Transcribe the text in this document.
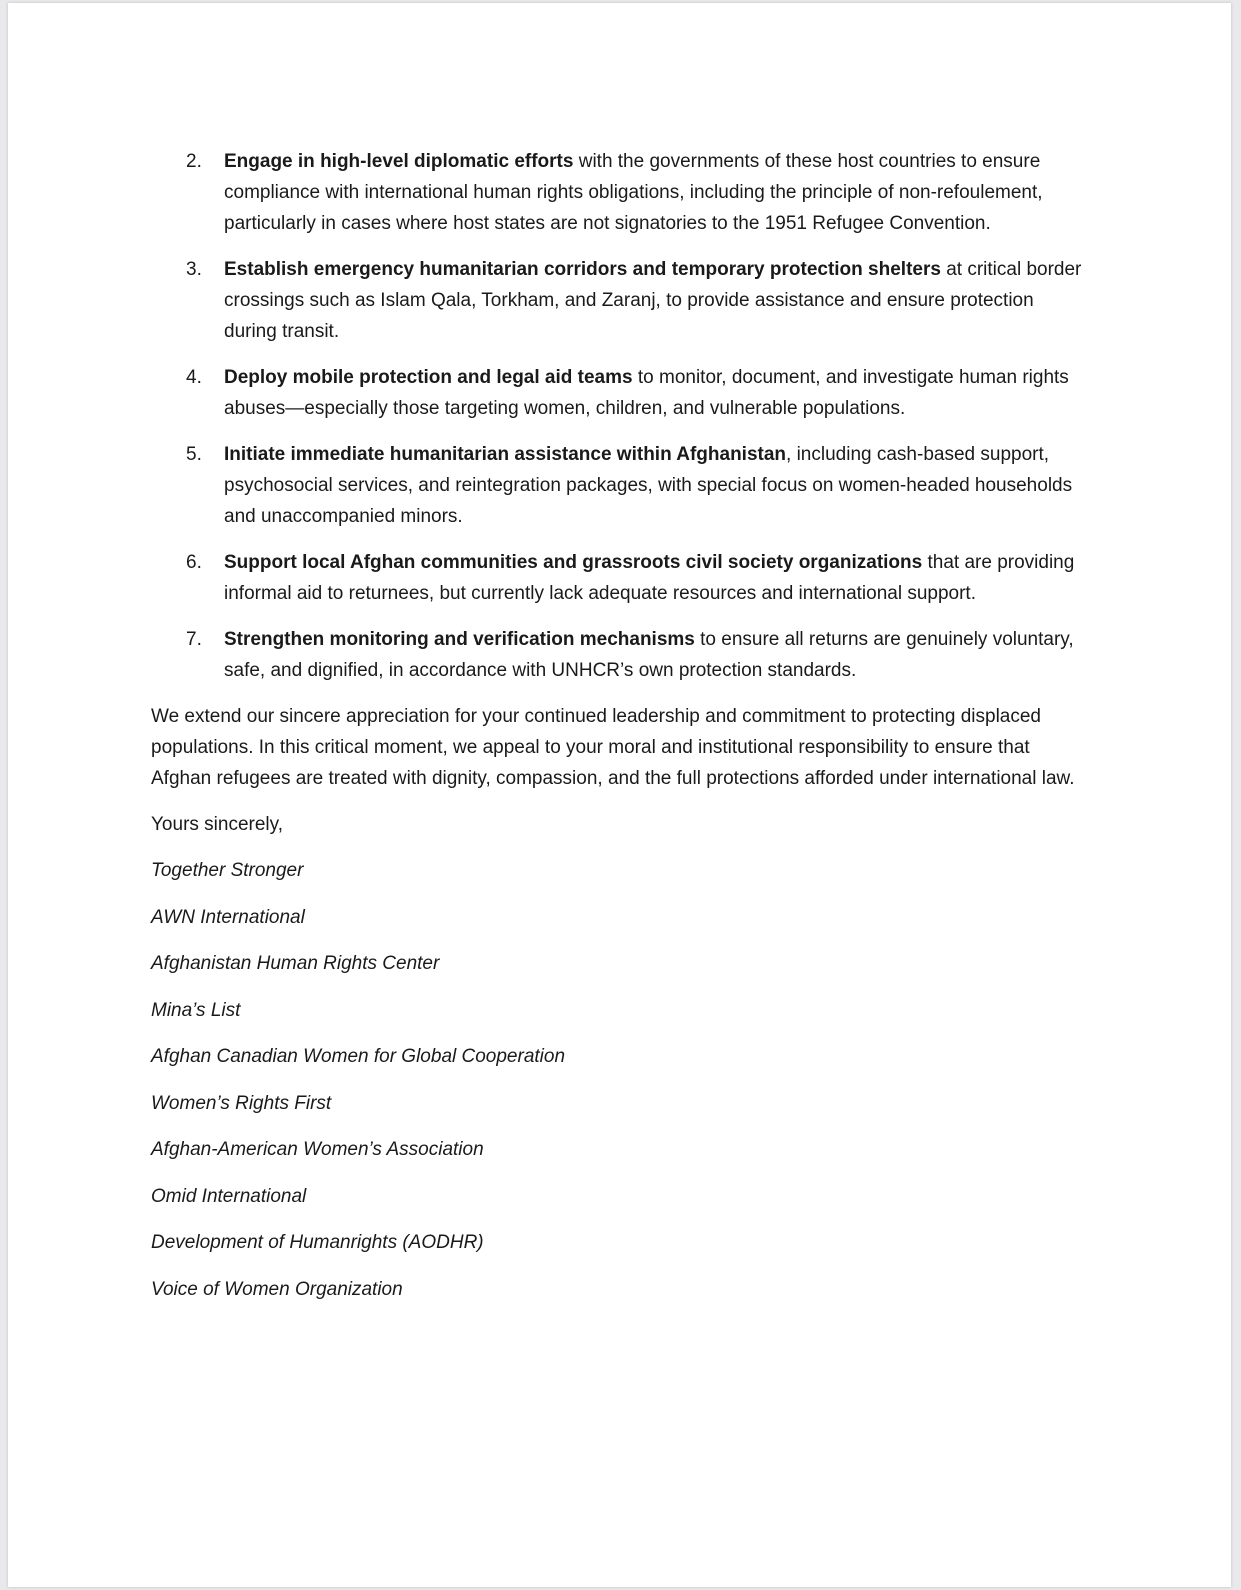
2. Engage in high-level diplomatic efforts with the governments of these host countries to ensure compliance with international human rights obligations, including the principle of non-refoulement, particularly in cases where host states are not signatories to the 1951 Refugee Convention.
3. Establish emergency humanitarian corridors and temporary protection shelters at critical border crossings such as Islam Qala, Torkham, and Zaranj, to provide assistance and ensure protection during transit.
4. Deploy mobile protection and legal aid teams to monitor, document, and investigate human rights abuses—especially those targeting women, children, and vulnerable populations.
5. Initiate immediate humanitarian assistance within Afghanistan, including cash-based support, psychosocial services, and reintegration packages, with special focus on women-headed households and unaccompanied minors.
6. Support local Afghan communities and grassroots civil society organizations that are providing informal aid to returnees, but currently lack adequate resources and international support.
7. Strengthen monitoring and verification mechanisms to ensure all returns are genuinely voluntary, safe, and dignified, in accordance with UNHCR’s own protection standards.

We extend our sincere appreciation for your continued leadership and commitment to protecting displaced populations. In this critical moment, we appeal to your moral and institutional responsibility to ensure that Afghan refugees are treated with dignity, compassion, and the full protections afforded under international law.

Yours sincerely,
Together Stronger
AWN International
Afghanistan Human Rights Center
Mina’s List
Afghan Canadian Women for Global Cooperation
Women’s Rights First
Afghan-American Women’s Association
Omid International
Development of Humanrights (AODHR)
Voice of Women Organization
